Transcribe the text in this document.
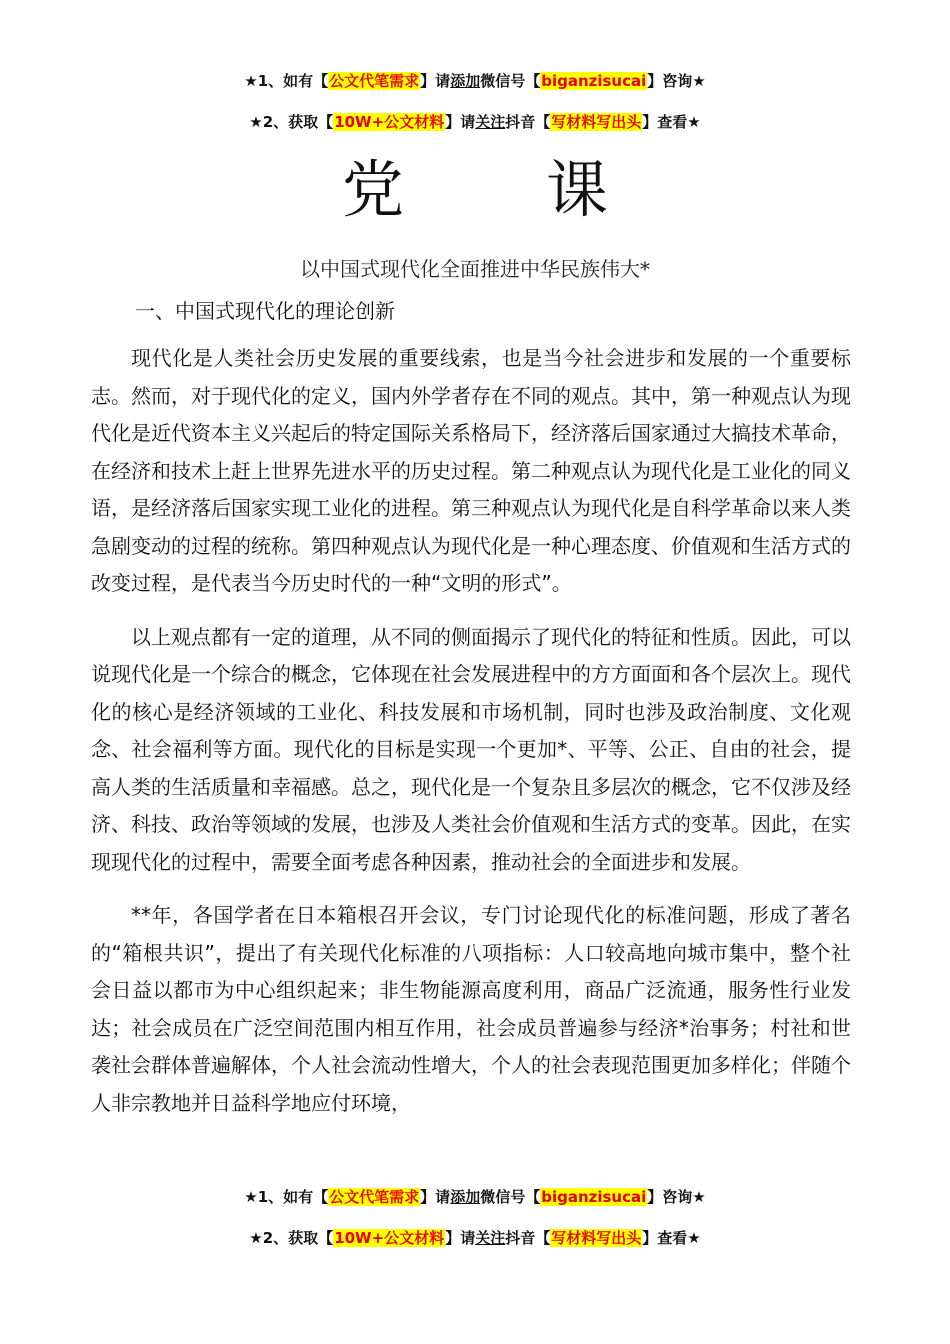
★1、如有【公文代笔需求】请添加微信号【biganzisucai】咨询★
★2、获取【10W+公文材料】请关注抖音【写材料写出头】查看★
党 课
以中国式现代化全面推进中华民族伟大*
一、中国式现代化的理论创新

现代化是人类社会历史发展的重要线索，也是当今社会进步和发展的一个重要标志。然而，对于现代化的定义，国内外学者存在不同的观点。其中，第一种观点认为现代化是近代资本主义兴起后的特定国际关系格局下，经济落后国家通过大搞技术革命，在经济和技术上赶上世界先进水平的历史过程。第二种观点认为现代化是工业化的同义语，是经济落后国家实现工业化的进程。第三种观点认为现代化是自科学革命以来人类急剧变动的过程的统称。第四种观点认为现代化是一种心理态度、价值观和生活方式的改变过程，是代表当今历史时代的一种“文明的形式”。

以上观点都有一定的道理，从不同的侧面揭示了现代化的特征和性质。因此，可以说现代化是一个综合的概念，它体现在社会发展进程中的方方面面和各个层次上。现代化的核心是经济领域的工业化、科技发展和市场机制，同时也涉及政治制度、文化观念、社会福利等方面。现代化的目标是实现一个更加*、平等、公正、自由的社会，提高人类的生活质量和幸福感。总之，现代化是一个复杂且多层次的概念，它不仅涉及经济、科技、政治等领域的发展，也涉及人类社会价值观和生活方式的变革。因此，在实现现代化的过程中，需要全面考虑各种因素，推动社会的全面进步和发展。

**年，各国学者在日本箱根召开会议，专门讨论现代化的标准问题，形成了著名的“箱根共识”，提出了有关现代化标准的八项指标：人口较高地向城市集中，整个社会日益以都市为中心组织起来；非生物能源高度利用，商品广泛流通，服务性行业发达；社会成员在广泛空间范围内相互作用，社会成员普遍参与经济*治事务；村社和世袭社会群体普遍解体，个人社会流动性增大，个人的社会表现范围更加多样化；伴随个人非宗教地并日益科学地应付环境，

★1、如有【公文代笔需求】请添加微信号【biganzisucai】咨询★
★2、获取【10W+公文材料】请关注抖音【写材料写出头】查看★
